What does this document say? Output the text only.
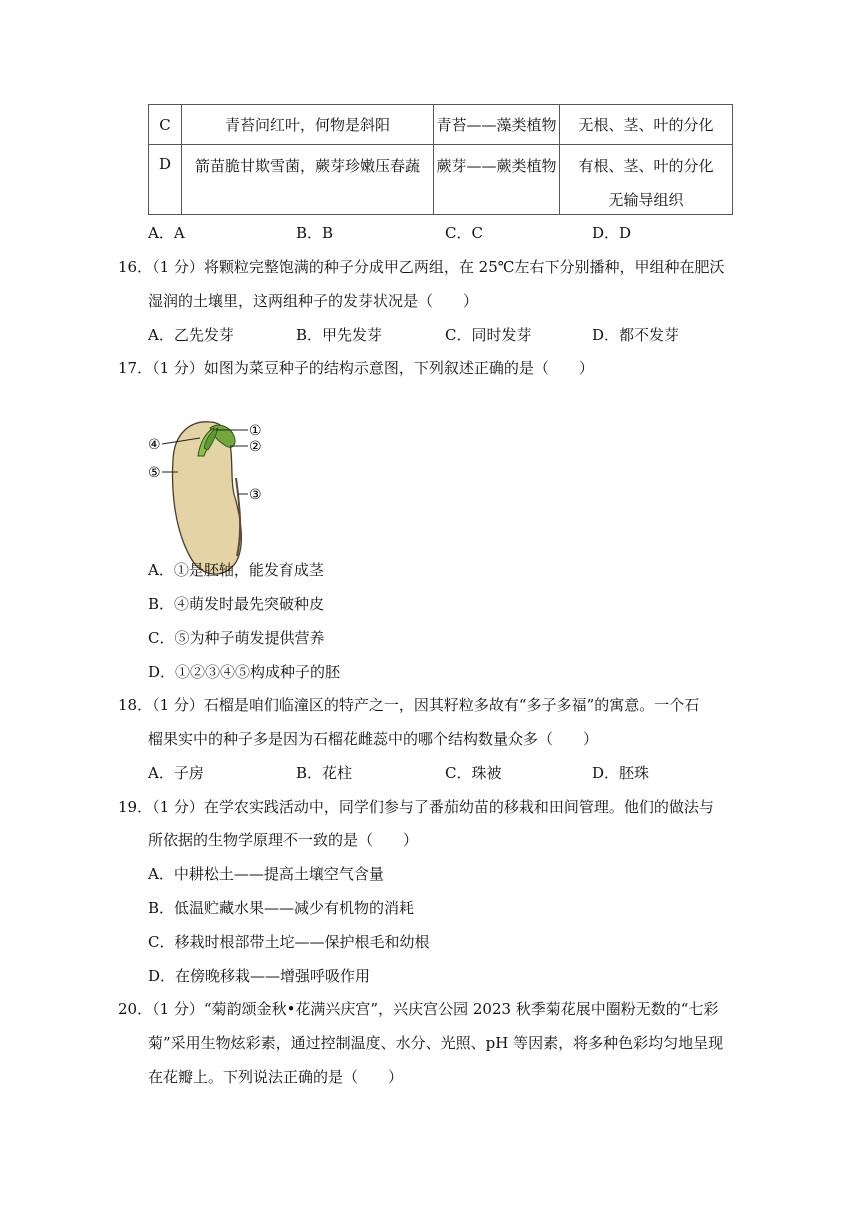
C	青苔问红叶，何物是斜阳	青苔——藻类植物	无根、茎、叶的分化
D	箭苗脆甘欺雪菌，蕨芽珍嫩压春蔬	蕨芽——蕨类植物	有根、茎、叶的分化
无输导组织
A．A	B．B	C．C	D．D
16．（1 分）将颗粒完整饱满的种子分成甲乙两组，在 25℃左右下分别播种，甲组种在肥沃
湿润的土壤里，这两组种子的发芽状况是（　　）
A．乙先发芽	B．甲先发芽	C．同时发芽	D．都不发芽
17．（1 分）如图为菜豆种子的结构示意图，下列叙述正确的是（　　）
①
②
③
④
⑤
A．①是胚轴，能发育成茎
B．④萌发时最先突破种皮
C．⑤为种子萌发提供营养
D．①②③④⑤构成种子的胚
18．（1 分）石榴是咱们临潼区的特产之一，因其籽粒多故有“多子多福”的寓意。一个石
榴果实中的种子多是因为石榴花雌蕊中的哪个结构数量众多（　　）
A．子房	B．花柱	C．珠被	D．胚珠
19．（1 分）在学农实践活动中，同学们参与了番茄幼苗的移栽和田间管理。他们的做法与
所依据的生物学原理不一致的是（　　）
A．中耕松土——提高土壤空气含量
B．低温贮藏水果——减少有机物的消耗
C．移栽时根部带土坨——保护根毛和幼根
D．在傍晚移栽——增强呼吸作用
20．（1 分）“菊韵颂金秋•花满兴庆宫”，兴庆宫公园 2023 秋季菊花展中圈粉无数的“七彩
菊”采用生物炫彩素，通过控制温度、水分、光照、pH 等因素，将多种色彩均匀地呈现
在花瓣上。下列说法正确的是（　　）
